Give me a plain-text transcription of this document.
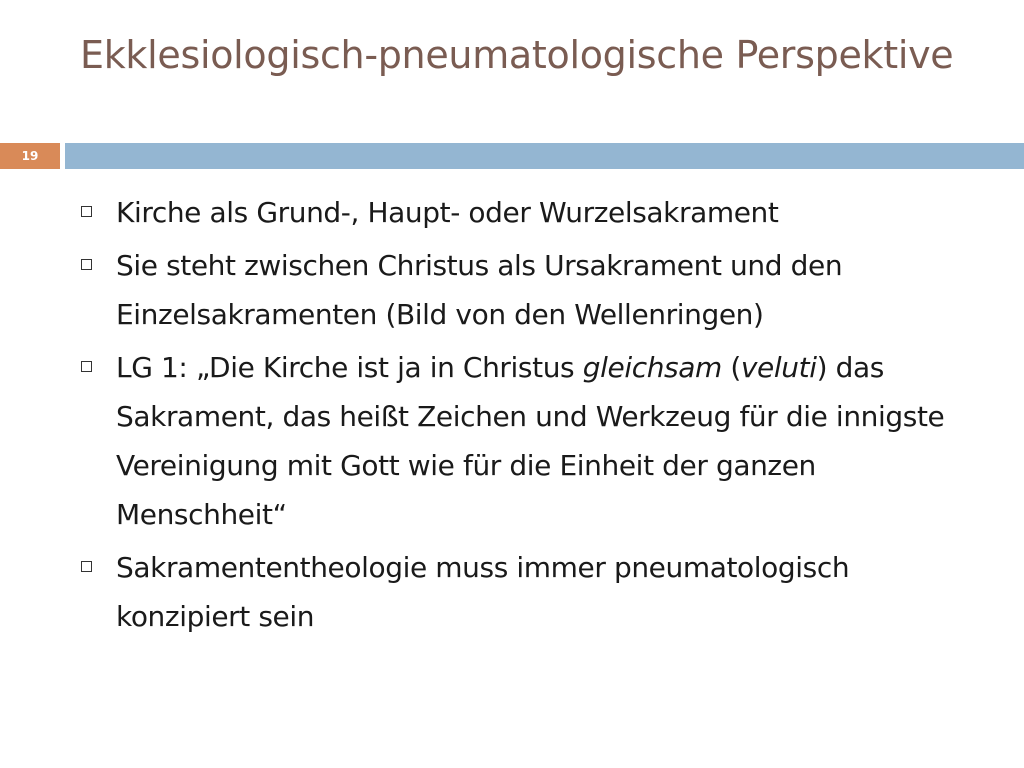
Ekklesiologisch-pneumatologische Perspektive
19
Kirche als Grund-, Haupt- oder Wurzelsakrament
Sie steht zwischen Christus als Ursakrament und den Einzelsakramenten (Bild von den Wellenringen)
LG 1: „Die Kirche ist ja in Christus gleichsam (veluti) das Sakrament, das heißt Zeichen und Werkzeug für die innigste Vereinigung mit Gott wie für die Einheit der ganzen Menschheit“
Sakramententheologie muss immer pneumatologisch konzipiert sein
